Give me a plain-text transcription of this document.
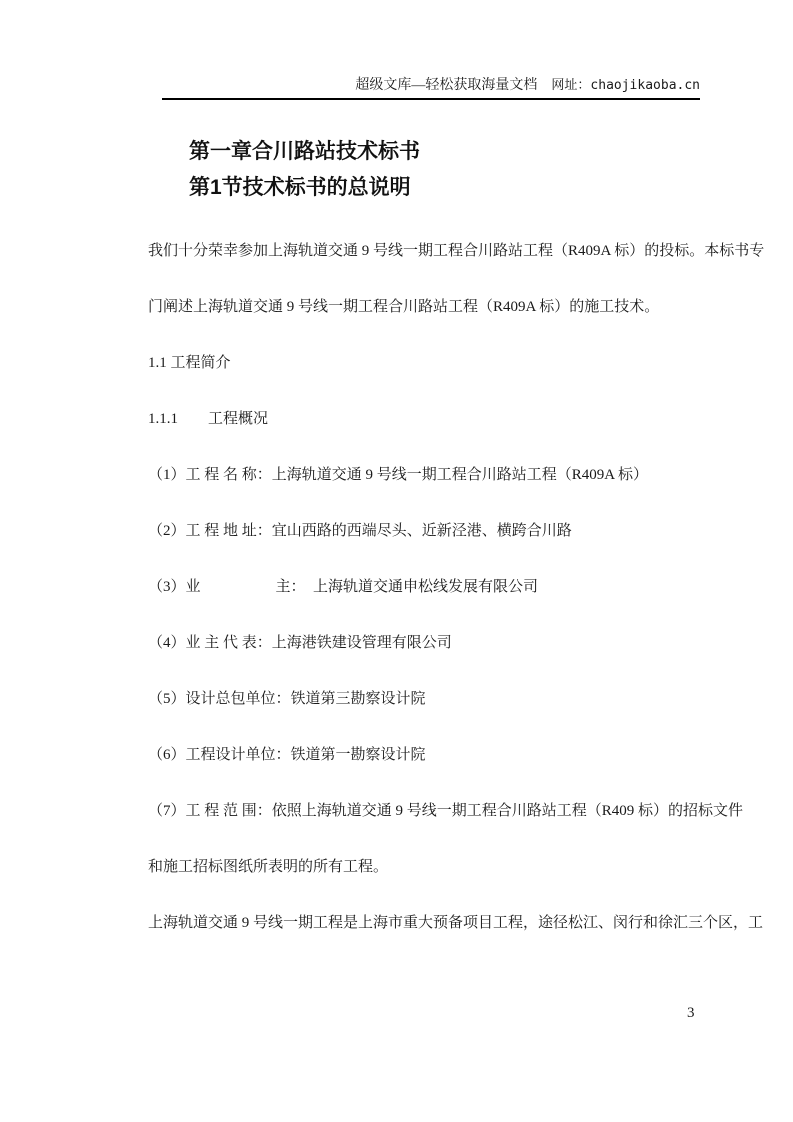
超级文库—轻松获取海量文档 网址：chaojikaoba.cn
第一章合川路站技术标书
第1节技术标书的总说明
我们十分荣幸参加上海轨道交通 9 号线一期工程合川路站工程（R409A 标）的投标。本标书专
门阐述上海轨道交通 9 号线一期工程合川路站工程（R409A 标）的施工技术。
1.1 工程简介
1.1.1　　工程概况
（1）工 程 名 称：上海轨道交通 9 号线一期工程合川路站工程（R409A 标）
（2）工 程 地 址：宜山西路的西端尽头、近新泾港、横跨合川路
（3）业　　　　　主：　上海轨道交通申松线发展有限公司
（4）业 主 代 表：上海港铁建设管理有限公司
（5）设计总包单位：铁道第三勘察设计院
（6）工程设计单位：铁道第一勘察设计院
（7）工 程 范 围：依照上海轨道交通 9 号线一期工程合川路站工程（R409 标）的招标文件
和施工招标图纸所表明的所有工程。
上海轨道交通 9 号线一期工程是上海市重大预备项目工程，途径松江、闵行和徐汇三个区，工
3
